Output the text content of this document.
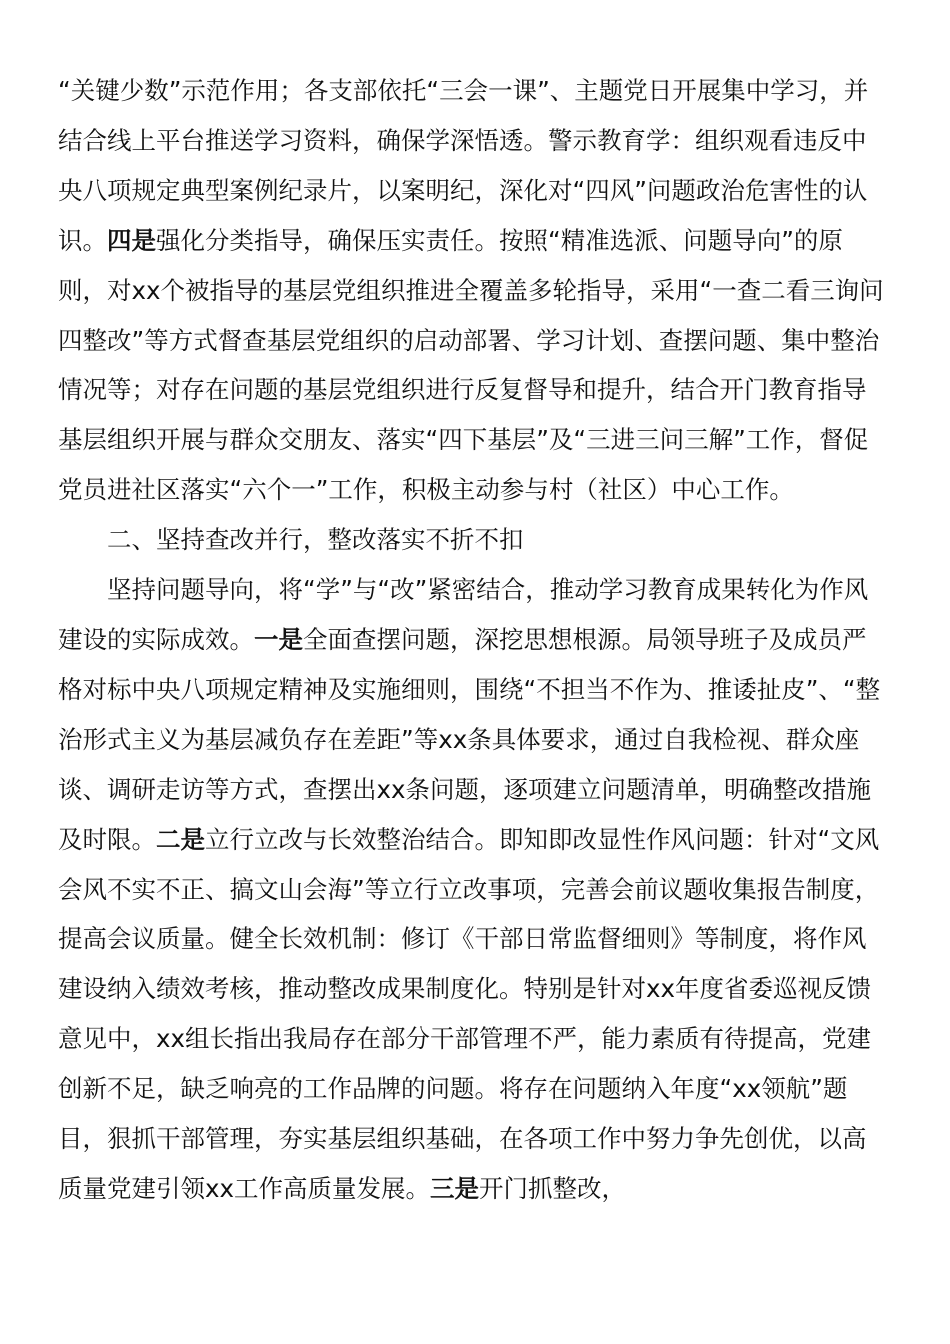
“关键少数”示范作用；各支部依托“三会一课”、主题党日开展集中学习，并结合线上平台推送学习资料，确保学深悟透。警示教育学：组织观看违反中央八项规定典型案例纪录片，以案明纪，深化对“四风”问题政治危害性的认识。四是强化分类指导，确保压实责任。按照“精准选派、问题导向”的原则，对xx个被指导的基层党组织推进全覆盖多轮指导，采用“一查二看三询问四整改”等方式督查基层党组织的启动部署、学习计划、查摆问题、集中整治情况等；对存在问题的基层党组织进行反复督导和提升，结合开门教育指导基层组织开展与群众交朋友、落实“四下基层”及“三进三问三解”工作，督促党员进社区落实“六个一”工作，积极主动参与村（社区）中心工作。

二、坚持查改并行，整改落实不折不扣

坚持问题导向，将“学”与“改”紧密结合，推动学习教育成果转化为作风建设的实际成效。一是全面查摆问题，深挖思想根源。局领导班子及成员严格对标中央八项规定精神及实施细则，围绕“不担当不作为、推诿扯皮”、“整治形式主义为基层减负存在差距”等xx条具体要求，通过自我检视、群众座谈、调研走访等方式，查摆出xx条问题，逐项建立问题清单，明确整改措施及时限。二是立行立改与长效整治结合。即知即改显性作风问题：针对“文风会风不实不正、搞文山会海”等立行立改事项，完善会前议题收集报告制度，提高会议质量。健全长效机制：修订《干部日常监督细则》等制度，将作风建设纳入绩效考核，推动整改成果制度化。特别是针对xx年度省委巡视反馈意见中，xx组长指出我局存在部分干部管理不严，能力素质有待提高，党建创新不足，缺乏响亮的工作品牌的问题。将存在问题纳入年度“xx领航”题目，狠抓干部管理，夯实基层组织基础，在各项工作中努力争先创优，以高质量党建引领xx工作高质量发展。三是开门抓整改，
